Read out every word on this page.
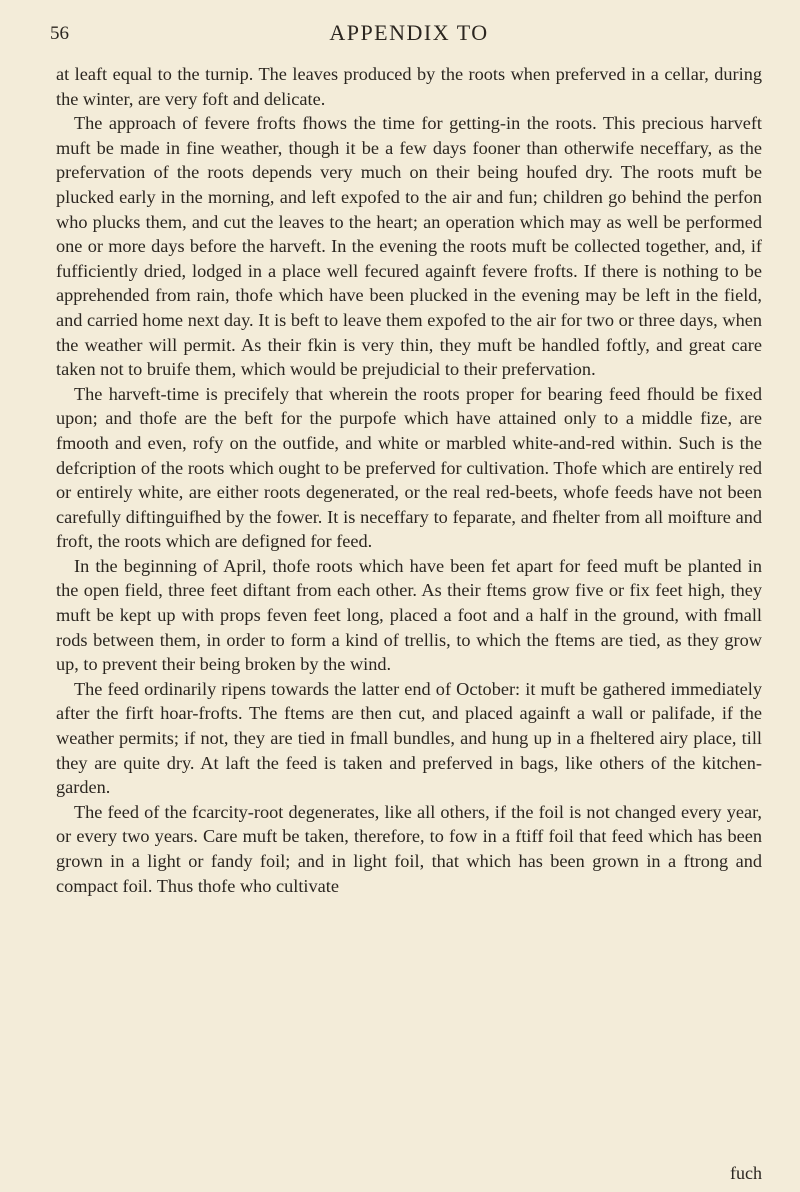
56	APPENDIX TO

at leaft equal to the turnip. The leaves produced by the roots when preferved in a cellar, during the winter, are very foft and delicate.

The approach of fevere frofts fhows the time for getting-in the roots. This precious harveft muft be made in fine weather, though it be a few days fooner than otherwife neceffary, as the prefervation of the roots depends very much on their being houfed dry. The roots muft be plucked early in the morning, and left expofed to the air and fun; children go behind the perfon who plucks them, and cut the leaves to the heart; an operation which may as well be performed one or more days before the harveft. In the evening the roots muft be collected together, and, if fufficiently dried, lodged in a place well fecured againft fevere frofts. If there is nothing to be apprehended from rain, thofe which have been plucked in the evening may be left in the field, and carried home next day. It is beft to leave them expofed to the air for two or three days, when the weather will permit. As their fkin is very thin, they muft be handled foftly, and great care taken not to bruife them, which would be prejudicial to their prefervation.

The harveft-time is precifely that wherein the roots proper for bearing feed fhould be fixed upon; and thofe are the beft for the purpofe which have attained only to a middle fize, are fmooth and even, rofy on the outfide, and white or marbled white-and-red within. Such is the defcription of the roots which ought to be preferved for cultivation. Thofe which are entirely red or entirely white, are either roots degenerated, or the real red-beets, whofe feeds have not been carefully diftinguifhed by the fower. It is neceffary to feparate, and fhelter from all moifture and froft, the roots which are defigned for feed.

In the beginning of April, thofe roots which have been fet apart for feed muft be planted in the open field, three feet diftant from each other. As their ftems grow five or fix feet high, they muft be kept up with props feven feet long, placed a foot and a half in the ground, with fmall rods between them, in order to form a kind of trellis, to which the ftems are tied, as they grow up, to prevent their being broken by the wind.

The feed ordinarily ripens towards the latter end of October: it muft be gathered immediately after the firft hoar-frofts. The ftems are then cut, and placed againft a wall or palifade, if the weather permits; if not, they are tied in fmall bundles, and hung up in a fheltered airy place, till they are quite dry. At laft the feed is taken and preferved in bags, like others of the kitchen-garden.

The feed of the fcarcity-root degenerates, like all others, if the foil is not changed every year, or every two years. Care muft be taken, therefore, to fow in a ftiff foil that feed which has been grown in a light or fandy foil; and in light foil, that which has been grown in a ftrong and compact foil. Thus thofe who cultivate

fuch
